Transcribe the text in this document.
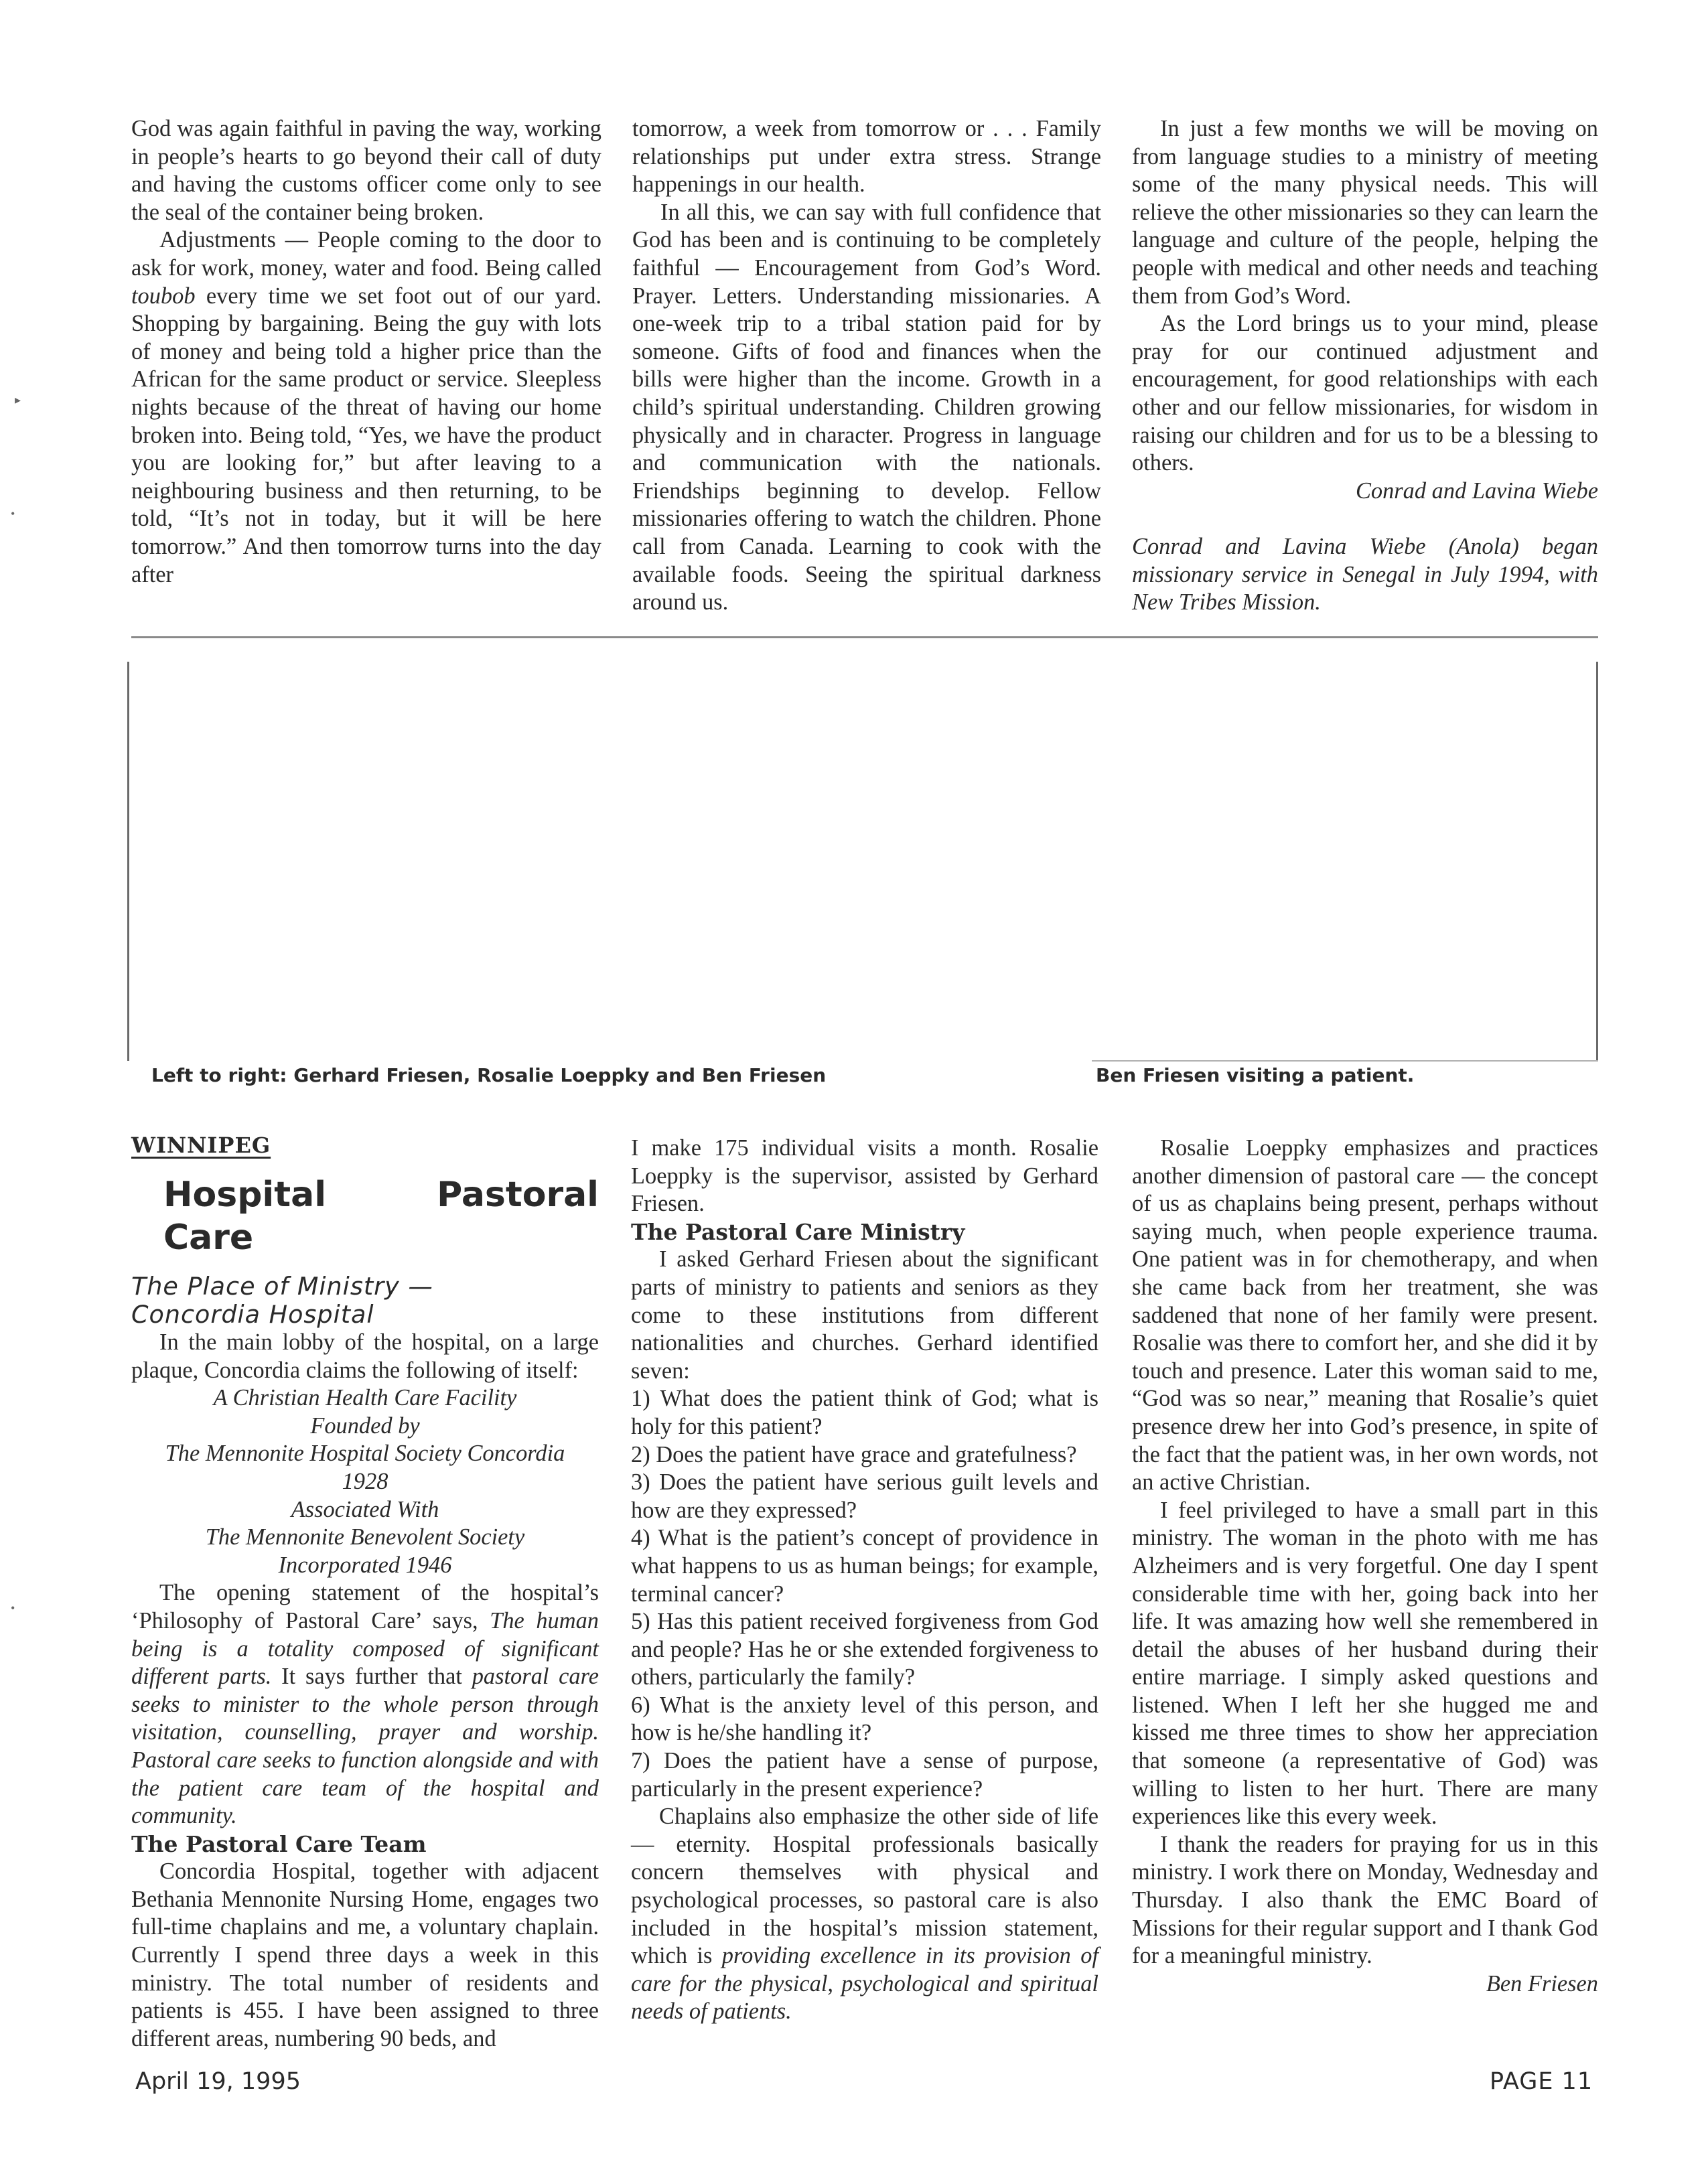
God was again faithful in paving the way, working in people’s hearts to go beyond their call of duty and having the customs officer come only to see the seal of the container being broken.

Adjustments — People coming to the door to ask for work, money, water and food. Being called toubob every time we set foot out of our yard. Shopping by bargaining. Being the guy with lots of money and being told a higher price than the African for the same product or service. Sleepless nights because of the threat of having our home broken into. Being told, “Yes, we have the product you are looking for,” but after leaving to a neighbouring business and then returning, to be told, “It’s not in today, but it will be here tomorrow.” And then tomorrow turns into the day after

tomorrow, a week from tomorrow or . . . Family relationships put under extra stress. Strange happenings in our health.

In all this, we can say with full confidence that God has been and is continuing to be completely faithful — Encouragement from God’s Word. Prayer. Letters. Understanding missionaries. A one-week trip to a tribal station paid for by someone. Gifts of food and finances when the bills were higher than the income. Growth in a child’s spiritual understanding. Children growing physically and in character. Progress in language and communication with the nationals. Friendships beginning to develop. Fellow missionaries offering to watch the children. Phone call from Canada. Learning to cook with the available foods. Seeing the spiritual darkness around us.

In just a few months we will be moving on from language studies to a ministry of meeting some of the many physical needs. This will relieve the other missionaries so they can learn the language and culture of the people, helping the people with medical and other needs and teaching them from God’s Word.

As the Lord brings us to your mind, please pray for our continued adjustment and encouragement, for good relationships with each other and our fellow missionaries, for wisdom in raising our children and for us to be a blessing to others.

Conrad and Lavina Wiebe

Conrad and Lavina Wiebe (Anola) began missionary service in Senegal in July 1994, with New Tribes Mission.

Left to right: Gerhard Friesen, Rosalie Loeppky and Ben Friesen	Ben Friesen visiting a patient.
WINNIPEG
Hospital Pastoral Care

The Place of Ministry —

Concordia Hospital

In the main lobby of the hospital, on a large plaque, Concordia claims the following of itself:

A Christian Health Care Facility

Founded by

The Mennonite Hospital Society Concordia

1928

Associated With

The Mennonite Benevolent Society

Incorporated 1946

The opening statement of the hospital’s ‘Philosophy of Pastoral Care’ says, The human being is a totality composed of significant different parts. It says further that pastoral care seeks to minister to the whole person through visitation, counselling, prayer and worship. Pastoral care seeks to function alongside and with the patient care team of the hospital and community.

The Pastoral Care Team

Concordia Hospital, together with adjacent Bethania Mennonite Nursing Home, engages two full-time chaplains and me, a voluntary chaplain. Currently I spend three days a week in this ministry. The total number of residents and patients is 455. I have been assigned to three different areas, numbering 90 beds, and

I make 175 individual visits a month. Rosalie Loeppky is the supervisor, assisted by Gerhard Friesen.

The Pastoral Care Ministry

I asked Gerhard Friesen about the significant parts of ministry to patients and seniors as they come to these institutions from different nationalities and churches. Gerhard identified seven:

1) What does the patient think of God; what is holy for this patient?

2) Does the patient have grace and gratefulness?

3) Does the patient have serious guilt levels and how are they expressed?

4) What is the patient’s concept of providence in what happens to us as human beings; for example, terminal cancer?

5) Has this patient received forgiveness from God and people? Has he or she extended forgiveness to others, particularly the family?

6) What is the anxiety level of this person, and how is he/she handling it?

7) Does the patient have a sense of purpose, particularly in the present experience?

Chaplains also emphasize the other side of life — eternity. Hospital professionals basically concern themselves with physical and psychological processes, so pastoral care is also included in the hospital’s mission statement, which is providing excellence in its provision of care for the physical, psychological and spiritual needs of patients.

Rosalie Loeppky emphasizes and practices another dimension of pastoral care — the concept of us as chaplains being present, perhaps without saying much, when people experience trauma. One patient was in for chemotherapy, and when she came back from her treatment, she was saddened that none of her family were present. Rosalie was there to comfort her, and she did it by touch and presence. Later this woman said to me, “God was so near,” meaning that Rosalie’s quiet presence drew her into God’s presence, in spite of the fact that the patient was, in her own words, not an active Christian.

I feel privileged to have a small part in this ministry. The woman in the photo with me has Alzheimers and is very forgetful. One day I spent considerable time with her, going back into her life. It was amazing how well she remembered in detail the abuses of her husband during their entire marriage. I simply asked questions and listened. When I left her she hugged me and kissed me three times to show her appreciation that someone (a representative of God) was willing to listen to her hurt. There are many experiences like this every week.

I thank the readers for praying for us in this ministry. I work there on Monday, Wednesday and Thursday. I also thank the EMC Board of Missions for their regular support and I thank God for a meaningful ministry.

Ben Friesen

April 19, 1995	PAGE 11
▸
•
•
